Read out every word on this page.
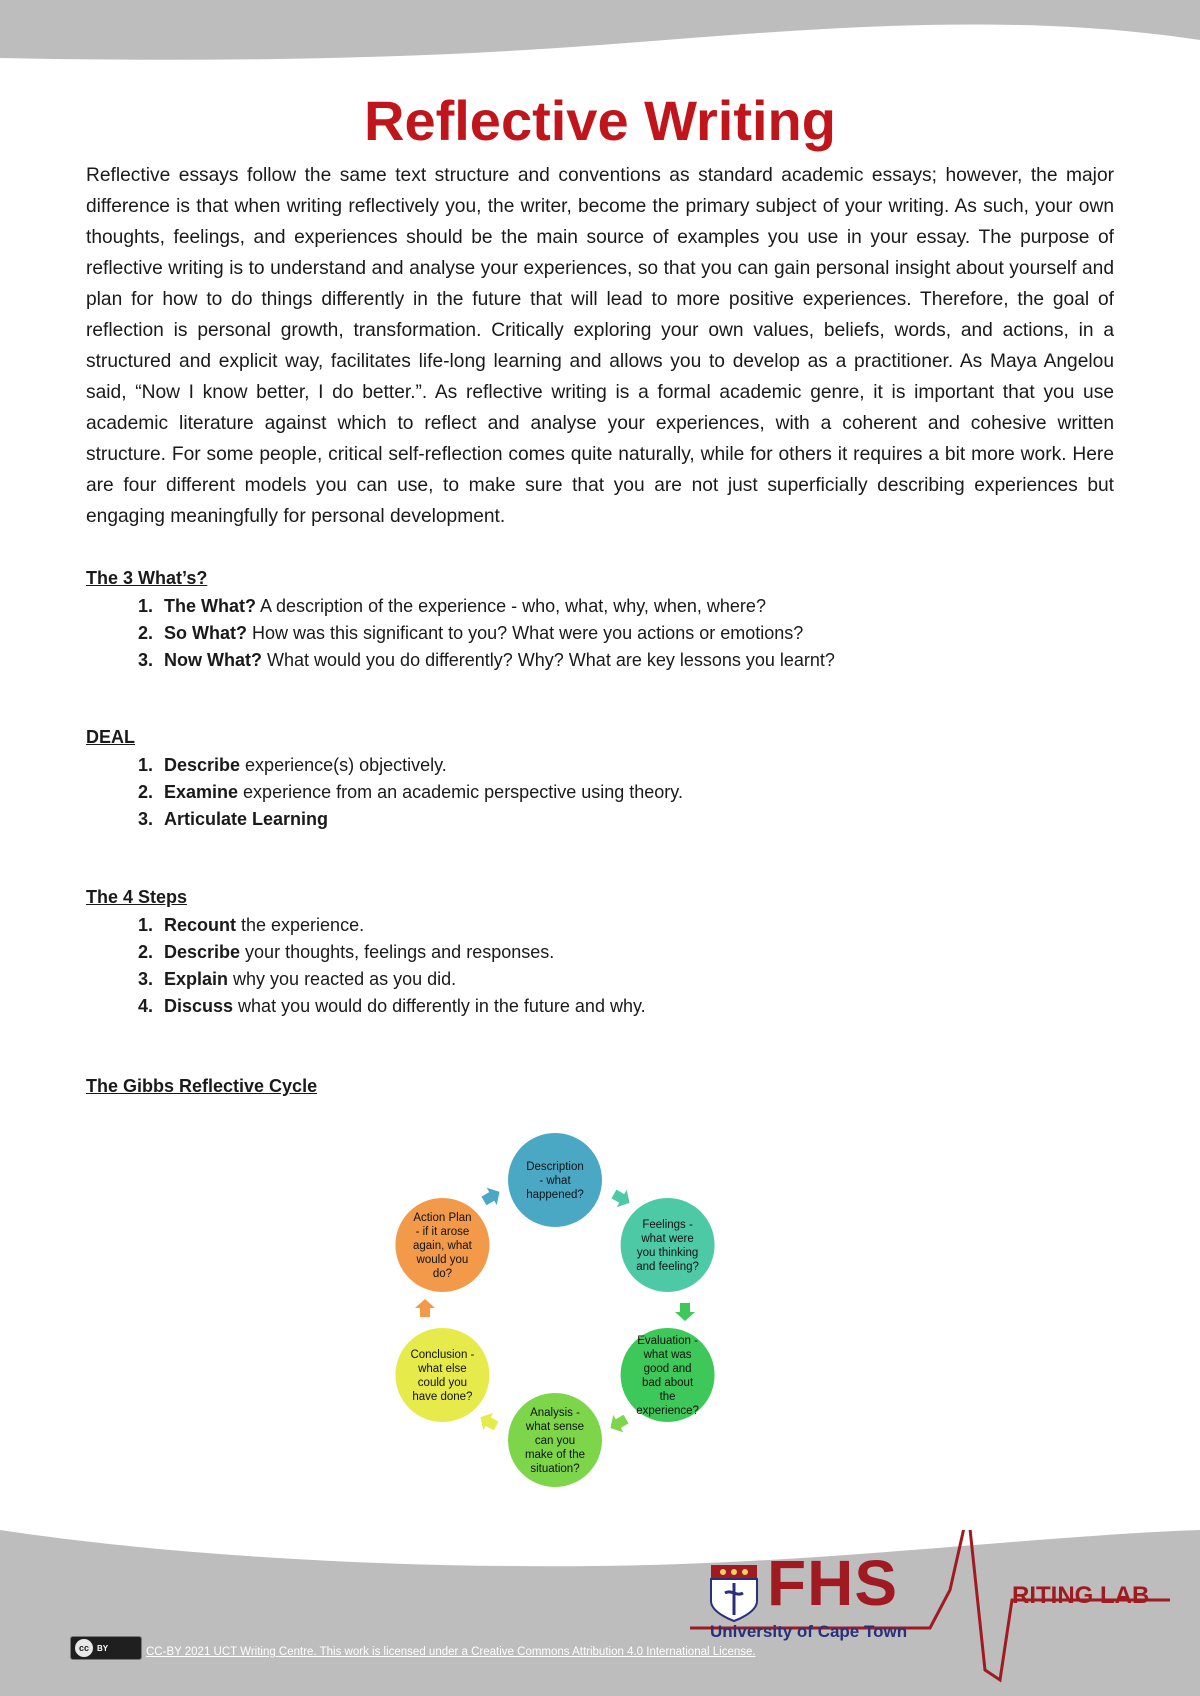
Reflective Writing

Reflective essays follow the same text structure and conventions as standard academic essays; however, the major difference is that when writing reflectively you, the writer, become the primary subject of your writing. As such, your own thoughts, feelings, and experiences should be the main source of examples you use in your essay. The purpose of reflective writing is to understand and analyse your experiences, so that you can gain personal insight about yourself and plan for how to do things differently in the future that will lead to more positive experiences. Therefore, the goal of reflection is personal growth, transformation. Critically exploring your own values, beliefs, words, and actions, in a structured and explicit way, facilitates life-long learning and allows you to develop as a practitioner. As Maya Angelou said, “Now I know better, I do better.”. As reflective writing is a formal academic genre, it is important that you use academic literature against which to reflect and analyse your experiences, with a coherent and cohesive written structure. For some people, critical self-reflection comes quite naturally, while for others it requires a bit more work. Here are four different models you can use, to make sure that you are not just superficially describing experiences but engaging meaningfully for personal development.

The 3 What’s?
1. The What? A description of the experience - who, what, why, when, where?
2. So What? How was this significant to you? What were you actions or emotions?
3. Now What? What would you do differently? Why? What are key lessons you learnt?
DEAL
1. Describe experience(s) objectively.
2. Examine experience from an academic perspective using theory.
3. Articulate Learning
The 4 Steps
1. Recount the experience.
2. Describe your thoughts, feelings and responses.
3. Explain why you reacted as you did.
4. Discuss what you would do differently in the future and why.
The Gibbs Reflective Cycle
Description
- what
happened?
Feelings -
what were
you thinking
and feeling?
Evaluation -
what was
good and
bad about
the
experience?
Analysis -
what sense
can you
make of the
situation?
Conclusion -
what else
could you
have done?
Action Plan
- if it arose
again, what
would you
do?
FHS
University of Cape Town
RITING LAB
cc	BY	CC-BY 2021 UCT Writing Centre. This work is licensed under a Creative Commons Attribution 4.0 International License.
